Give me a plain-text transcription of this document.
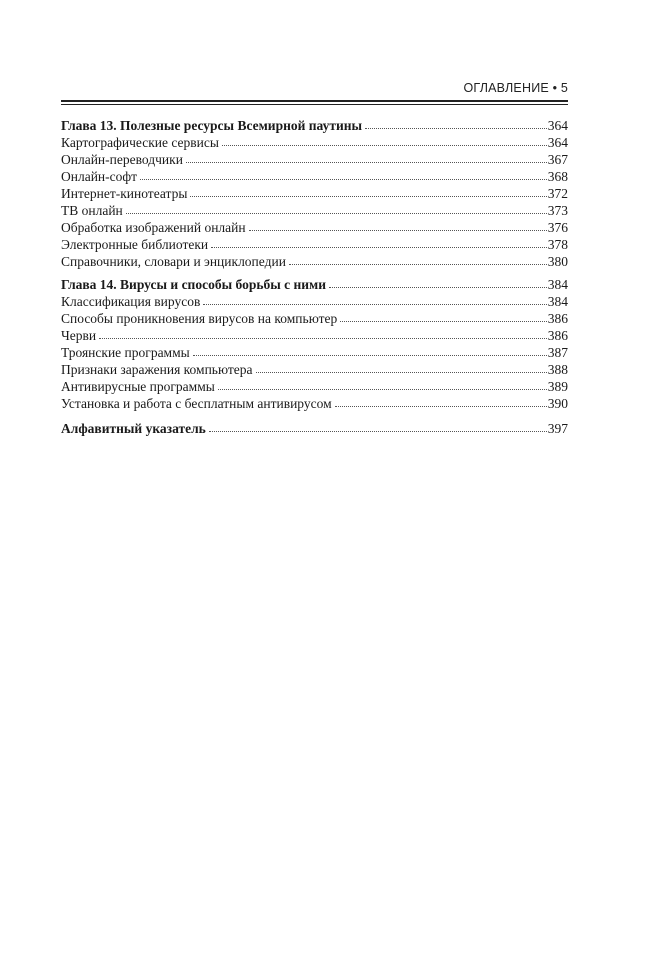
ОГЛАВЛЕНИЕ • 5
Глава 13. Полезные ресурсы Всемирной паутины	364
Картографические сервисы	364
Онлайн-переводчики	367
Онлайн-софт	368
Интернет-кинотеатры	372
ТВ онлайн	373
Обработка изображений онлайн	376
Электронные библиотеки	378
Справочники, словари и энциклопедии	380
Глава 14. Вирусы и способы борьбы с ними	384
Классификация вирусов	384
Способы проникновения вирусов на компьютер	386
Черви	386
Троянские программы	387
Признаки заражения компьютера	388
Антивирусные программы	389
Установка и работа с бесплатным антивирусом	390
Алфавитный указатель	397
